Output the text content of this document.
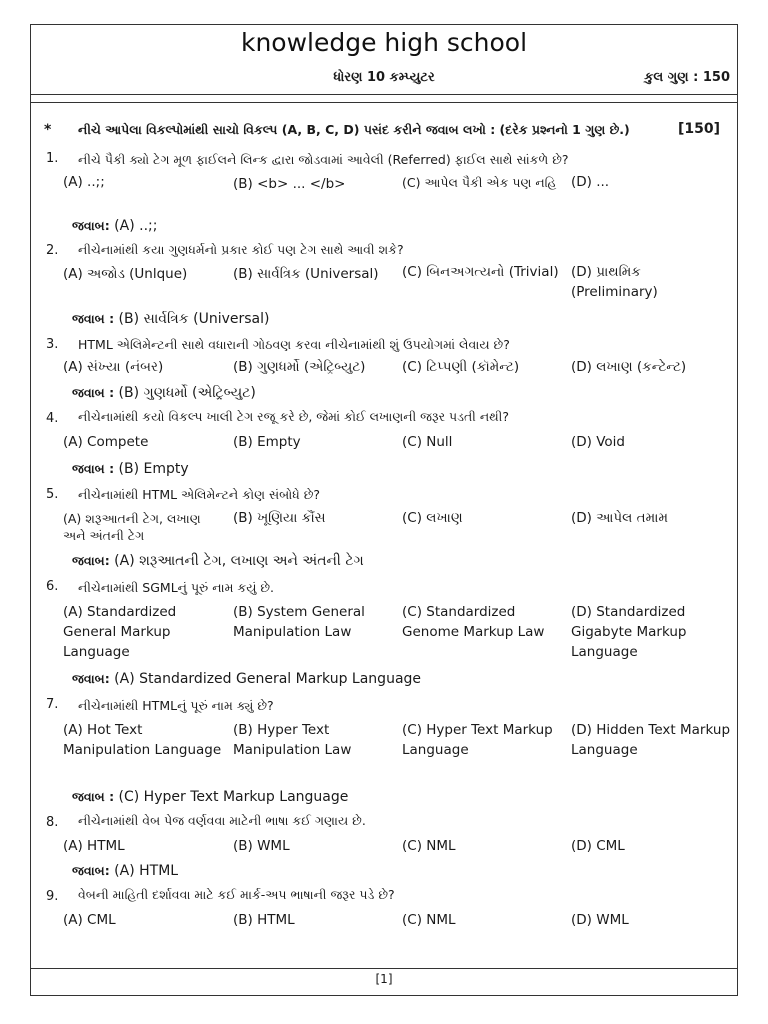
knowledge high school
ધોરણ 10 કમ્પ્યુટર	કુલ ગુણ : 150
* નીચે આપેલા વિકલ્પોમાંથી સાચો વિકલ્પ (A, B, C, D) પસંદ કરીને જવાબ લખો : (દરેક પ્રશ્નનો 1 ગુણ છે.)	[150]
1. નીચે પૈકી ક્યો ટેગ મૂળ ફાઈલને લિન્ક દ્વારા જોડવામાં આવેલી (Referred) ફાઈલ સાથે સાંકળે છે?
(A) ..;;	(B) <b> ... </b>	(C) આપેલ પૈકી એક પણ નહિ	(D) ...
જવાબ: (A) ..;;
2. નીચેનામાંથી કયા ગુણધર્મનો પ્રકાર કોઈ પણ ટેગ સાથે આવી શકે?
(A) અજોડ (Unlque)	(B) સાર્વત્રિક (Universal)	(C) બિનઅગત્યનો (Trivial) (D) પ્રાથમિક (Preliminary)
જવાબ : (B) સાર્વત્રિક (Universal)
3. HTML એલિમેન્ટની સાથે વધારાની ગોઠવણ કરવા નીચેનામાંથી શું ઉપયોગમાં લેવાય છે?
(A) સંખ્યા (નંબર)	(B) ગુણધર્મો (એટ્રિબ્યુટ)	(C) ટિપ્પણી (કૉમેન્ટ)	(D) લખાણ (કન્ટેન્ટ)
જવાબ : (B) ગુણધર્મો (એટ્રિબ્યુટ)
4. નીચેનામાંથી કયો વિકલ્પ ખાલી ટેગ રજૂ કરે છે, જેમાં કોઈ લખાણની જરૂર પડતી નથી?
(A) Compete	(B) Empty	(C) Null	(D) Void
જવાબ : (B) Empty
5. નીચેનામાંથી HTML એલિમેન્ટને કોણ સંબોધે છે?
(A) શરૂઆતની ટેગ, લખાણ અને અંતની ટેગ
(B) ખૂણિયા કૌંસ	(C) લખાણ	(D) આપેલ તમામ
જવાબ: (A) શરૂઆતની ટેગ, લખાણ અને અંતની ટેગ
6. નીચેનામાંથી SGMLનું પૂરું નામ કયું છે.
(A) Standardized General Markup Language
(B) System General Manipulation Law
(C) Standardized Genome Markup Law
(D) Standardized Gigabyte Markup Language
જવાબ: (A) Standardized General Markup Language
7. નીચેનામાંથી HTMLનું પૂરું નામ ક્યું છે?
(A) Hot Text Manipulation Language
(B) Hyper Text Manipulation Law
(C) Hyper Text Markup Language
(D) Hidden Text Markup Language
જવાબ : (C) Hyper Text Markup Language
8. નીચેનામાંથી વેબ પેજ વર્ણવવા માટેની ભાષા કઈ ગણાય છે.
(A) HTML	(B) WML	(C) NML	(D) CML
જવાબ: (A) HTML
9. વેબની માહિતી દર્શાવવા માટે કઈ માર્ક-અપ ભાષાની જરૂર પડે છે?
(A) CML	(B) HTML	(C) NML	(D) WML
[1]
